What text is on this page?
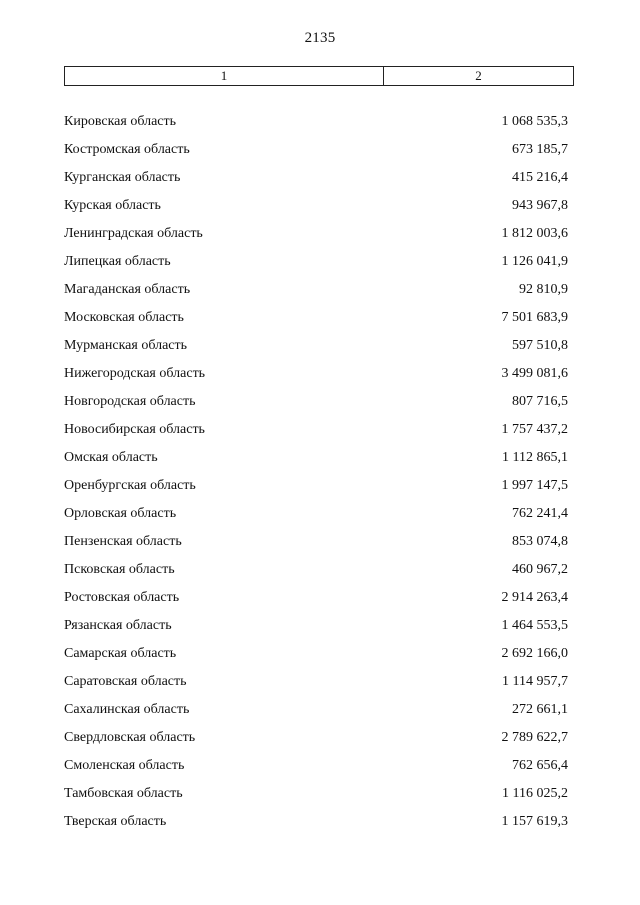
2135
1	2
Кировская область	1 068 535,3
Костромская область	673 185,7
Курганская область	415 216,4
Курская область	943 967,8
Ленинградская область	1 812 003,6
Липецкая область	1 126 041,9
Магаданская область	92 810,9
Московская область	7 501 683,9
Мурманская область	597 510,8
Нижегородская область	3 499 081,6
Новгородская область	807 716,5
Новосибирская область	1 757 437,2
Омская область	1 112 865,1
Оренбургская область	1 997 147,5
Орловская область	762 241,4
Пензенская область	853 074,8
Псковская область	460 967,2
Ростовская область	2 914 263,4
Рязанская область	1 464 553,5
Самарская область	2 692 166,0
Саратовская область	1 114 957,7
Сахалинская область	272 661,1
Свердловская область	2 789 622,7
Смоленская область	762 656,4
Тамбовская область	1 116 025,2
Тверская область	1 157 619,3
